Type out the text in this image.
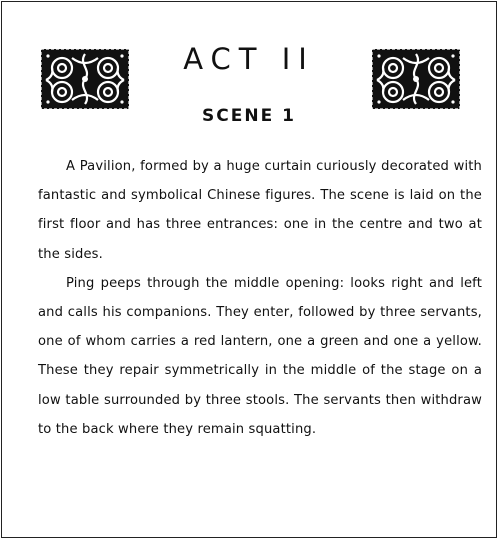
ACT II
SCENE 1

A Pavilion, formed by a huge curtain curiously decorated with fantastic and symbolical Chinese figures. The scene is laid on the first floor and has three entrances: one in the centre and two at the sides.

Ping peeps through the middle opening: looks right and left and calls his companions. They enter, followed by three servants, one of whom carries a red lantern, one a green and one a yellow. These they repair symmetrically in the middle of the stage on a low table surrounded by three stools. The servants then withdraw to the back where they remain squatting.
